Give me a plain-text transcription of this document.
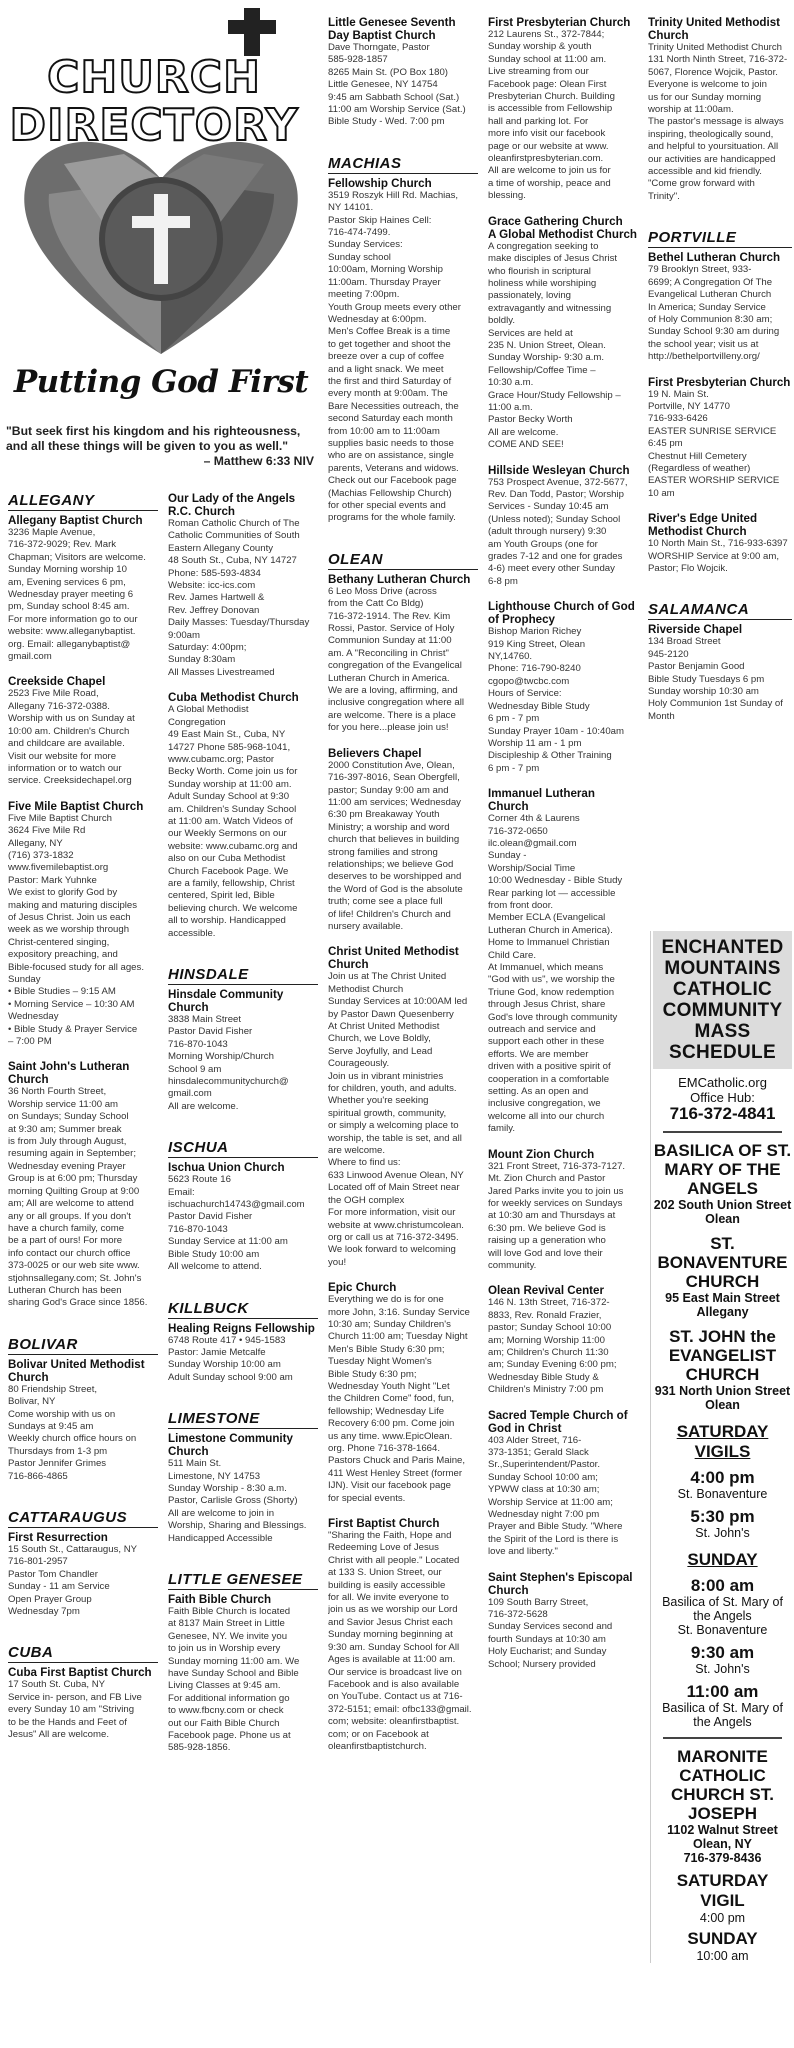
CHURCH
DIRECTORY
Putting God First
"But seek first his kingdom and his righteousness, and all these things will be given to you as well."
– Matthew 6:33 NIV
ALLEGANY
Allegany Baptist Church
3236 Maple Avenue,
716-372-9029; Rev. Mark
Chapman; Visitors are welcome.
Sunday Morning worship 10
am, Evening services 6 pm,
Wednesday prayer meeting 6
pm, Sunday school 8:45 am.
For more information go to our
website: www.alleganybaptist.
org. Email: alleganybaptist@
gmail.com
Creekside Chapel
2523 Five Mile Road,
Allegany 716-372-0388.
Worship with us on Sunday at
10:00 am. Children's Church
and childcare are available.
Visit our website for more
information or to watch our
service. Creeksidechapel.org
Five Mile Baptist Church
Five Mile Baptist Church
3624 Five Mile Rd
Allegany, NY
(716) 373-1832
www.fivemilebaptist.org
Pastor: Mark Yuhnke
We exist to glorify God by
making and maturing disciples
of Jesus Christ. Join us each
week as we worship through
Christ-centered singing,
expository preaching, and
Bible-focused study for all ages.
Sunday
• Bible Studies – 9:15 AM
• Morning Service – 10:30 AM
Wednesday
• Bible Study & Prayer Service
– 7:00 PM
Saint John's Lutheran Church
36 North Fourth Street,
Worship service 11:00 am
on Sundays; Sunday School
at 9:30 am; Summer break
is from July through August,
resuming again in September;
Wednesday evening Prayer
Group is at 6:00 pm; Thursday
morning Quilting Group at 9:00
am; All are welcome to attend
any or all groups. If you don't
have a church family, come
be a part of ours! For more
info contact our church office
373-0025 or our web site www.
stjohnsallegany.com; St. John's
Lutheran Church has been
sharing God's Grace since 1856.
BOLIVAR
Bolivar United Methodist Church
80 Friendship Street,
Bolivar, NY
Come worship with us on
Sundays at 9:45 am
Weekly church office hours on
Thursdays from 1-3 pm
Pastor Jennifer Grimes
716-866-4865
CATTARAUGUS
First Resurrection
15 South St., Cattaraugus, NY
716-801-2957
Pastor Tom Chandler
Sunday - 11 am Service
Open Prayer Group
Wednesday 7pm
CUBA
Cuba First Baptist Church
17 South St. Cuba, NY
Service in- person, and FB Live
every Sunday 10 am "Striving
to be the Hands and Feet of
Jesus" All are welcome.
Our Lady of the Angels R.C. Church
Roman Catholic Church of The
Catholic Communities of South
Eastern Allegany County
48 South St., Cuba, NY 14727
Phone: 585-593-4834
Website: icc-ics.com
Rev. James Hartwell &
Rev. Jeffrey Donovan
Daily Masses: Tuesday/Thursday
9:00am
Saturday: 4:00pm;
Sunday 8:30am
All Masses Livestreamed
Cuba Methodist Church
A Global Methodist
Congregation
49 East Main St., Cuba, NY
14727 Phone 585-968-1041,
www.cubamc.org; Pastor
Becky Worth. Come join us for
Sunday worship at 11:00 am.
Adult Sunday School at 9:30
am. Children's Sunday School
at 11:00 am. Watch Videos of
our Weekly Sermons on our
website: www.cubamc.org and
also on our Cuba Methodist
Church Facebook Page. We
are a family, fellowship, Christ
centered, Spirit led, Bible
believing church. We welcome
all to worship. Handicapped
accessible.
HINSDALE
Hinsdale Community Church
3838 Main Street
Pastor David Fisher
716-870-1043
Morning Worship/Church
School 9 am
hinsdalecommunitychurch@
gmail.com
All are welcome.
ISCHUA
Ischua Union Church
5623 Route 16
Email:
ischuachurch14743@gmail.com
Pastor David Fisher
716-870-1043
Sunday Service at 11:00 am
Bible Study 10:00 am
All welcome to attend.
KILLBUCK
Healing Reigns Fellowship
6748 Route 417 • 945-1583
Pastor: Jamie Metcalfe
Sunday Worship 10:00 am
Adult Sunday school 9:00 am
LIMESTONE
Limestone Community Church
511 Main St.
Limestone, NY 14753
Sunday Worship - 8:30 a.m.
Pastor, Carlisle Gross (Shorty)
All are welcome to join in
Worship, Sharing and Blessings.
Handicapped Accessible
LITTLE GENESEE
Faith Bible Church
Faith Bible Church is located
at 8137 Main Street in Little
Genesee, NY. We invite you
to join us in Worship every
Sunday morning 11:00 am. We
have Sunday School and Bible
Living Classes at 9:45 am.
For additional information go
to www.fbcny.com or check
out our Faith Bible Church
Facebook page. Phone us at
585-928-1856.
Little Genesee Seventh Day Baptist Church
Dave Thorngate, Pastor
585-928-1857
8265 Main St. (PO Box 180)
Little Genesee, NY 14754
9:45 am Sabbath School (Sat.)
11:00 am Worship Service (Sat.)
Bible Study - Wed. 7:00 pm
MACHIAS
Fellowship Church
3519 Roszyk Hill Rd. Machias,
NY 14101.
Pastor Skip Haines Cell:
716-474-7499.
Sunday Services:
Sunday school
10:00am, Morning Worship
11:00am. Thursday Prayer
meeting 7:00pm.
Youth Group meets every other
Wednesday at 6:00pm.
Men's Coffee Break is a time
to get together and shoot the
breeze over a cup of coffee
and a light snack. We meet
the first and third Saturday of
every month at 9:00am. The
Bare Necessities outreach, the
second Saturday each month
from 10:00 am to 11:00am
supplies basic needs to those
who are on assistance, single
parents, Veterans and widows.
Check out our Facebook page
(Machias Fellowship Church)
for other special events and
programs for the whole family.
OLEAN
Bethany Lutheran Church
6 Leo Moss Drive (across
from the Catt Co Bldg)
716-372-1914. The Rev. Kim
Rossi, Pastor. Service of Holy
Communion Sunday at 11:00
am. A "Reconciling in Christ"
congregation of the Evangelical
Lutheran Church in America.
We are a loving, affirming, and
inclusive congregation where all
are welcome. There is a place
for you here...please join us!
Believers Chapel
2000 Constitution Ave, Olean,
716-397-8016, Sean Obergfell,
pastor; Sunday 9:00 am and
11:00 am services; Wednesday
6:30 pm Breakaway Youth
Ministry; a worship and word
church that believes in building
strong families and strong
relationships; we believe God
deserves to be worshipped and
the Word of God is the absolute
truth; come see a place full
of life! Children's Church and
nursery available.
Christ United Methodist Church
Join us at The Christ United
Methodist Church
Sunday Services at 10:00AM led
by Pastor Dawn Quesenberry
At Christ United Methodist
Church, we Love Boldly,
Serve Joyfully, and Lead
Courageously.
Join us in vibrant ministries
for children, youth, and adults.
Whether you're seeking
spiritual growth, community,
or simply a welcoming place to
worship, the table is set, and all
are welcome.
Where to find us:
633 Linwood Avenue Olean, NY
Located off of Main Street near
the OGH complex
For more information, visit our
website at www.christumcolean.
org or call us at 716-372-3495.
We look forward to welcoming
you!
Epic Church
Everything we do is for one
more John, 3:16. Sunday Service
10:30 am; Sunday Children's
Church 11:00 am; Tuesday Night
Men's Bible Study 6:30 pm;
Tuesday Night Women's
Bible Study 6:30 pm;
Wednesday Youth Night "Let
the Children Come" food, fun,
fellowship; Wednesday Life
Recovery 6:00 pm. Come join
us any time. www.EpicOlean.
org. Phone 716-378-1664.
Pastors Chuck and Paris Maine,
411 West Henley Street (former
IJN). Visit our facebook page
for special events.
First Baptist Church
"Sharing the Faith, Hope and
Redeeming Love of Jesus
Christ with all people." Located
at 133 S. Union Street, our
building is easily accessible
for all. We invite everyone to
join us as we worship our Lord
and Savior Jesus Christ each
Sunday morning beginning at
9:30 am. Sunday School for All
Ages is available at 11:00 am.
Our service is broadcast live on
Facebook and is also available
on YouTube. Contact us at 716-
372-5151; email: ofbc133@gmail.
com; website: oleanfirstbaptist.
com; or on Facebook at
oleanfirstbaptistchurch.
First Presbyterian Church
212 Laurens St., 372-7844;
Sunday worship & youth
Sunday school at 11:00 am.
Live streaming from our
Facebook page: Olean First
Presbyterian Church. Building
is accessible from Fellowship
hall and parking lot. For
more info visit our facebook
page or our website at www.
oleanfirstpresbyterian.com.
All are welcome to join us for
a time of worship, peace and
blessing.
Grace Gathering Church
A Global Methodist Church
A congregation seeking to
make disciples of Jesus Christ
who flourish in scriptural
holiness while worshiping
passionately, loving
extravagantly and witnessing
boldly.
Services are held at
235 N. Union Street, Olean.
Sunday Worship- 9:30 a.m.
Fellowship/Coffee Time –
10:30 a.m.
Grace Hour/Study Fellowship –
11:00 a.m.
Pastor Becky Worth
All are welcome.
COME AND SEE!
Hillside Wesleyan Church
753 Prospect Avenue, 372-5677,
Rev. Dan Todd, Pastor; Worship
Services - Sunday 10:45 am
(Unless noted); Sunday School
(adult through nursery) 9:30
am Youth Groups (one for
grades 7-12 and one for grades
4-6) meet every other Sunday
6-8 pm
Lighthouse Church of God of Prophecy
Bishop Marion Richey
919 King Street, Olean
NY,14760.
Phone: 716-790-8240
cgopo@twcbc.com
Hours of Service:
Wednesday Bible Study
6 pm - 7 pm
Sunday Prayer 10am - 10:40am
Worship 11 am - 1 pm
Discipleship & Other Training
6 pm - 7 pm
Immanuel Lutheran Church
Corner 4th & Laurens
716-372-0650
ilc.olean@gmail.com
Sunday -
Worship/Social Time
10:00 Wednesday - Bible Study
Rear parking lot — accessible
from front door.
Member ECLA (Evangelical
Lutheran Church in America).
Home to Immanuel Christian
Child Care.
At Immanuel, which means
"God with us", we worship the
Triune God, know redemption
through Jesus Christ, share
God's love through community
outreach and service and
support each other in these
efforts. We are member
driven with a positive spirit of
cooperation in a comfortable
setting. As an open and
inclusive congregation, we
welcome all into our church
family.
Mount Zion Church
321 Front Street, 716-373-7127.
Mt. Zion Church and Pastor
Jared Parks invite you to join us
for weekly services on Sundays
at 10:30 am and Thursdays at
6:30 pm. We believe God is
raising up a generation who
will love God and love their
community.
Olean Revival Center
146 N. 13th Street, 716-372-
8833, Rev. Ronald Frazier,
pastor; Sunday School 10:00
am; Morning Worship 11:00
am; Children's Church 11:30
am; Sunday Evening 6:00 pm;
Wednesday Bible Study &
Children's Ministry 7:00 pm
Sacred Temple Church of God in Christ
403 Alder Street, 716-
373-1351; Gerald Slack
Sr.,Superintendent/Pastor.
Sunday School 10:00 am;
YPWW class at 10:30 am;
Worship Service at 11:00 am;
Wednesday night 7:00 pm
Prayer and Bible Study. "Where
the Spirit of the Lord is there is
love and liberty."
Saint Stephen's Episcopal Church
109 South Barry Street,
716-372-5628
Sunday Services second and
fourth Sundays at 10:30 am
Holy Eucharist; and Sunday
School; Nursery provided
Trinity United Methodist Church
Trinity United Methodist Church
131 North Ninth Street, 716-372-
5067, Florence Wojcik, Pastor.
Everyone is welcome to join
us for our Sunday morning
worship at 11:00am.
The pastor's message is always
inspiring, theologically sound,
and helpful to yoursituation. All
our activities are handicapped
accessible and kid friendly.
"Come grow forward with
Trinity".
PORTVILLE
Bethel Lutheran Church
79 Brooklyn Street, 933-
6699; A Congregation Of The
Evangelical Lutheran Church
In America; Sunday Service
of Holy Communion 8:30 am;
Sunday School 9:30 am during
the school year; visit us at
http://bethelportvilleny.org/
First Presbyterian Church
19 N. Main St.
Portville, NY 14770
716-933-6426
EASTER SUNRISE SERVICE
6:45 pm
Chestnut Hill Cemetery
(Regardless of weather)
EASTER WORSHIP SERVICE
10 am
River's Edge United Methodist Church
10 North Main St., 716-933-6397
WORSHIP Service at 9:00 am,
Pastor; Flo Wojcik.
SALAMANCA
Riverside Chapel
134 Broad Street
945-2120
Pastor Benjamin Good
Bible Study Tuesdays 6 pm
Sunday worship 10:30 am
Holy Communion 1st Sunday of
Month
ENCHANTED MOUNTAINS CATHOLIC COMMUNITY MASS SCHEDULE
EMCatholic.org
Office Hub:
716-372-4841
BASILICA OF ST. MARY OF THE ANGELS
202 South Union Street
Olean
ST. BONAVENTURE CHURCH
95 East Main Street
Allegany
ST. JOHN the EVANGELIST CHURCH
931 North Union Street
Olean
SATURDAY VIGILS
4:00 pm
St. Bonaventure
5:30 pm
St. John's
SUNDAY
8:00 am
Basilica of St. Mary of
the Angels
St. Bonaventure
9:30 am
St. John's
11:00 am
Basilica of St. Mary of
the Angels
MARONITE CATHOLIC CHURCH ST. JOSEPH
1102 Walnut Street
Olean, NY
716-379-8436
SATURDAY VIGIL
4:00 pm
SUNDAY
10:00 am
